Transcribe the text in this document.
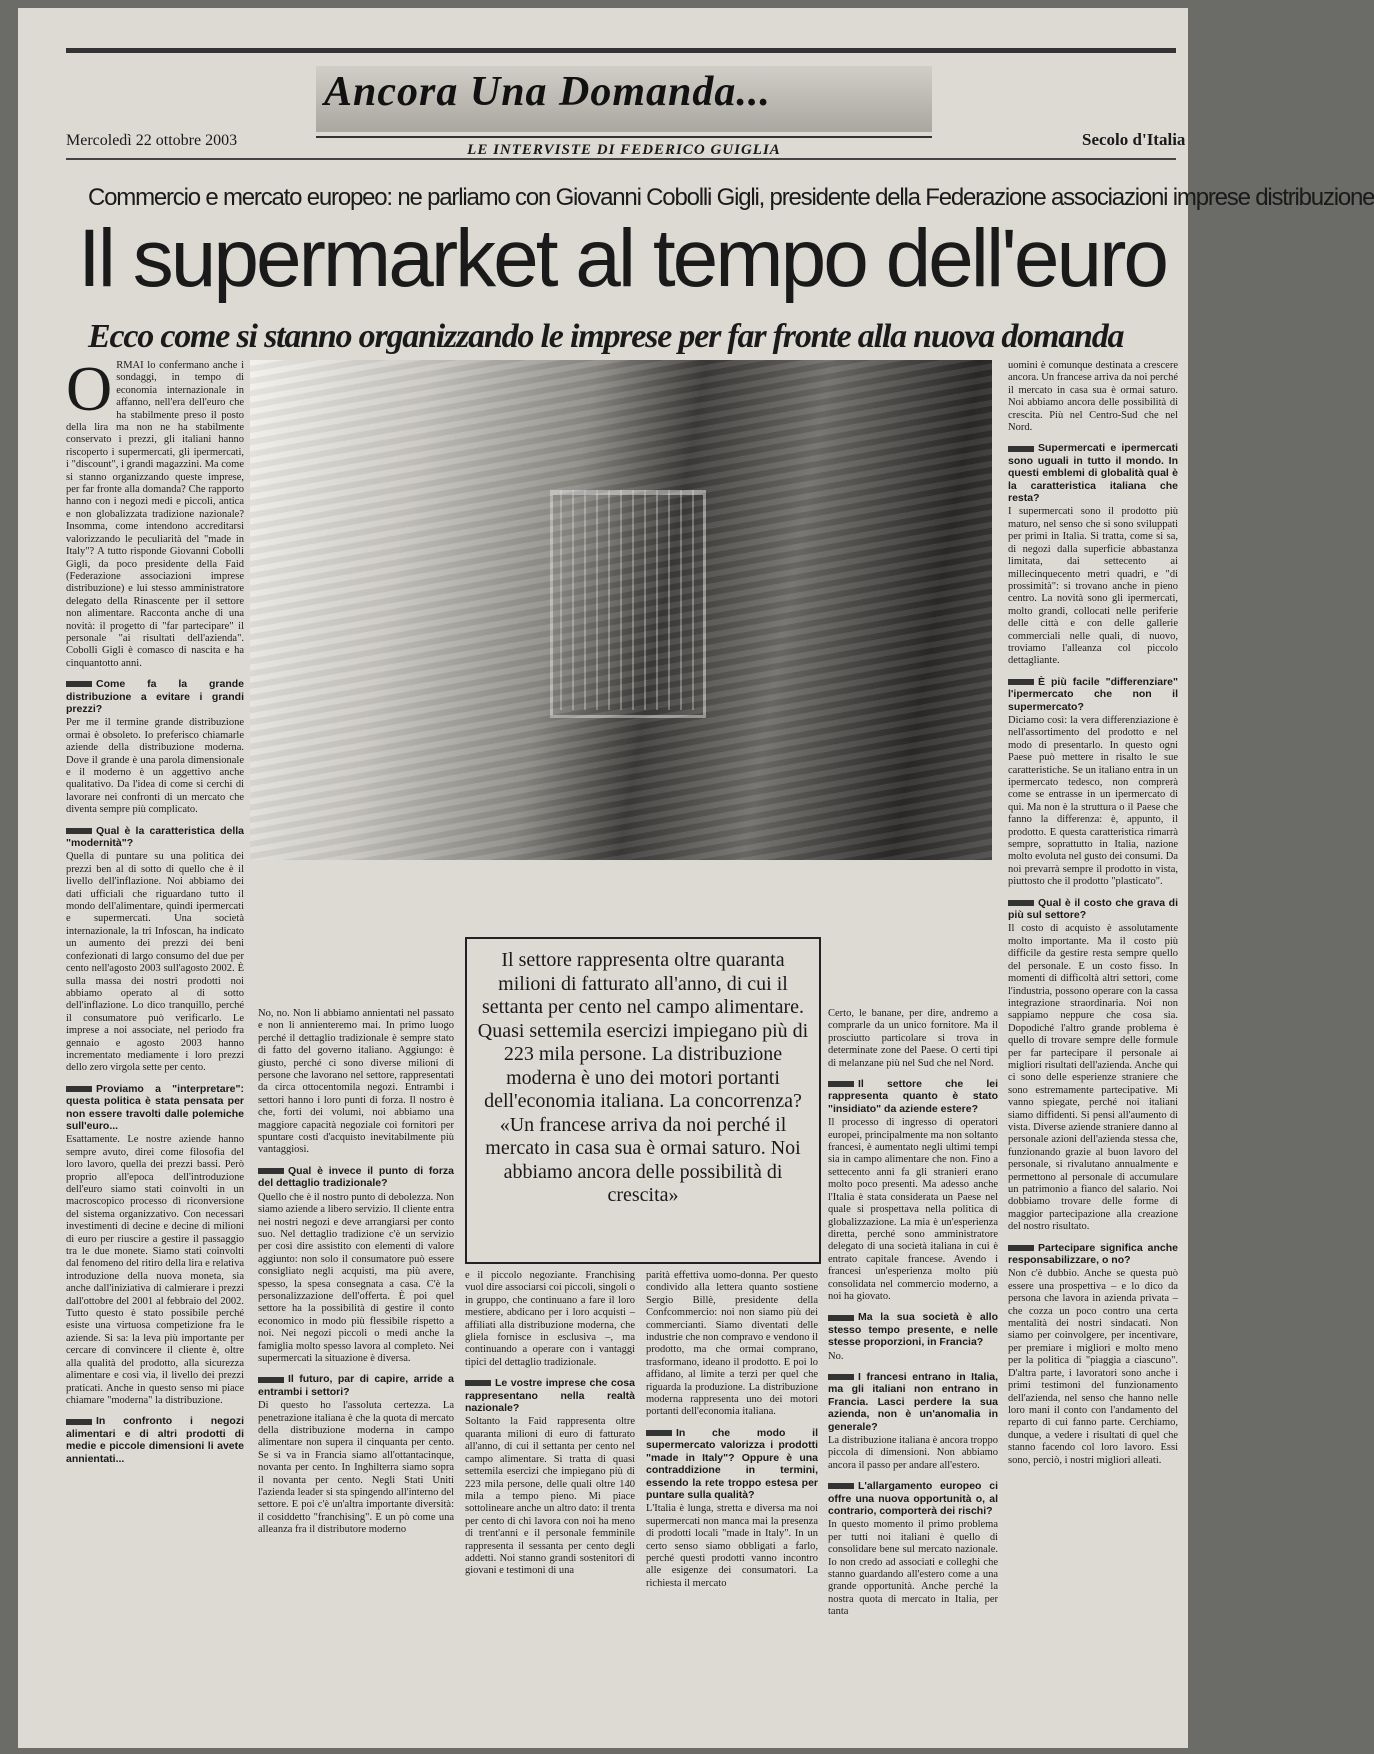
Ancora Una Domanda...
LE INTERVISTE DI FEDERICO GUIGLIA
Mercoledì 22 ottobre 2003	Secolo d'Italia
Commercio e mercato europeo: ne parliamo con Giovanni Cobolli Gigli, presidente della Federazione associazioni imprese distribuzione
Il supermarket al tempo dell'euro
Ecco come si stanno organizzando le imprese per far fronte alla nuova domanda

ORMAI lo confermano anche i sondaggi, in tempo di economia internazionale in affanno, nell'era dell'euro che ha stabilmente preso il posto della lira ma non ne ha stabilmente conservato i prezzi, gli italiani hanno riscoperto i supermercati, gli ipermercati, i "discount", i grandi magazzini. Ma come si stanno organizzando queste imprese, per far fronte alla domanda? Che rapporto hanno con i negozi medi e piccoli, antica e non globalizzata tradizione nazionale? Insomma, come intendono accreditarsi valorizzando le peculiarità del "made in Italy"? A tutto risponde Giovanni Cobolli Gigli, da poco presidente della Faid (Federazione associazioni imprese distribuzione) e lui stesso amministratore delegato della Rinascente per il settore non alimentare. Racconta anche di una novità: il progetto di "far partecipare" il personale "ai risultati dell'azienda". Cobolli Gigli è comasco di nascita e ha cinquantotto anni.

Come fa la grande distribuzione a evitare i grandi prezzi?

Per me il termine grande distribuzione ormai è obsoleto. Io preferisco chiamarle aziende della distribuzione moderna. Dove il grande è una parola dimensionale e il moderno è un aggettivo anche qualitativo. Da l'idea di come si cerchi di lavorare nei confronti di un mercato che diventa sempre più complicato.

Qual è la caratteristica della "modernità"?

Quella di puntare su una politica dei prezzi ben al di sotto di quello che è il livello dell'inflazione. Noi abbiamo dei dati ufficiali che riguardano tutto il mondo dell'alimentare, quindi ipermercati e supermercati. Una società internazionale, la tri Infoscan, ha indicato un aumento dei prezzi dei beni confezionati di largo consumo del due per cento nell'agosto 2003 sull'agosto 2002. È sulla massa dei nostri prodotti noi abbiamo operato al di sotto dell'inflazione. Lo dico tranquillo, perché il consumatore può verificarlo. Le imprese a noi associate, nel periodo fra gennaio e agosto 2003 hanno incrementato mediamente i loro prezzi dello zero virgola sette per cento.

Proviamo a "interpretare": questa politica è stata pensata per non essere travolti dalle polemiche sull'euro...

Esattamente. Le nostre aziende hanno sempre avuto, direi come filosofia del loro lavoro, quella dei prezzi bassi. Però proprio all'epoca dell'introduzione dell'euro siamo stati coinvolti in un macroscopico processo di riconversione del sistema organizzativo. Con necessari investimenti di decine e decine di milioni di euro per riuscire a gestire il passaggio tra le due monete. Siamo stati coinvolti dal fenomeno del ritiro della lira e relativa introduzione della nuova moneta, sia anche dall'iniziativa di calmierare i prezzi dall'ottobre del 2001 al febbraio del 2002. Tutto questo è stato possibile perché esiste una virtuosa competizione fra le aziende. Si sa: la leva più importante per cercare di convincere il cliente è, oltre alla qualità del prodotto, alla sicurezza alimentare e così via, il livello dei prezzi praticati. Anche in questo senso mi piace chiamare "moderna" la distribuzione.

In confronto i negozi alimentari e di altri prodotti di medie e piccole dimensioni li avete annientati...

No, no. Non li abbiamo annientati nel passato e non li annienteremo mai. In primo luogo perché il dettaglio tradizionale è sempre stato di fatto del governo italiano. Aggiungo: è giusto, perché ci sono diverse milioni di persone che lavorano nel settore, rappresentati da circa ottocentomila negozi. Entrambi i settori hanno i loro punti di forza. Il nostro è che, forti dei volumi, noi abbiamo una maggiore capacità negoziale coi fornitori per spuntare costi d'acquisto inevitabilmente più vantaggiosi.

Qual è invece il punto di forza del dettaglio tradizionale?

Quello che è il nostro punto di debolezza. Non siamo aziende a libero servizio. Il cliente entra nei nostri negozi e deve arrangiarsi per conto suo. Nel dettaglio tradizione c'è un servizio per così dire assistito con elementi di valore aggiunto: non solo il consumatore può essere consigliato negli acquisti, ma più avere, spesso, la spesa consegnata a casa. C'è la personalizzazione dell'offerta. È poi quel settore ha la possibilità di gestire il conto economico in modo più flessibile rispetto a noi. Nei negozi piccoli o medi anche la famiglia molto spesso lavora al completo. Nei supermercati la situazione è diversa.

Il futuro, par di capire, arride a entrambi i settori?

Di questo ho l'assoluta certezza. La penetrazione italiana è che la quota di mercato della distribuzione moderna in campo alimentare non supera il cinquanta per cento. Se si va in Francia siamo all'ottantacinque, novanta per cento. In Inghilterra siamo sopra il novanta per cento. Negli Stati Uniti l'azienda leader si sta spingendo all'interno del settore. E poi c'è un'altra importante diversità: il cosiddetto "franchising". E un pò come una alleanza fra il distributore moderno

e il piccolo negoziante. Franchising vuol dire associarsi coi piccoli, singoli o in gruppo, che continuano a fare il loro mestiere, abdicano per i loro acquisti – affiliati alla distribuzione moderna, che gliela fornisce in esclusiva –, ma continuando a operare con i vantaggi tipici del dettaglio tradizionale.

Le vostre imprese che cosa rappresentano nella realtà nazionale?

Soltanto la Faid rappresenta oltre quaranta milioni di euro di fatturato all'anno, di cui il settanta per cento nel campo alimentare. Si tratta di quasi settemila esercizi che impiegano più di 223 mila persone, delle quali oltre 140 mila a tempo pieno. Mi piace sottolineare anche un altro dato: il trenta per cento di chi lavora con noi ha meno di trent'anni e il personale femminile rappresenta il sessanta per cento degli addetti. Noi stanno grandi sostenitori di giovani e testimoni di una

parità effettiva uomo-donna. Per questo condivido alla lettera quanto sostiene Sergio Billè, presidente della Confcommercio: noi non siamo più dei commercianti. Siamo diventati delle industrie che non compravo e vendono il prodotto, ma che ormai comprano, trasformano, ideano il prodotto. E poi lo affidano, al limite a terzi per quel che riguarda la produzione. La distribuzione moderna rappresenta uno dei motori portanti dell'economia italiana.

In che modo il supermercato valorizza i prodotti "made in Italy"? Oppure è una contraddizione in termini, essendo la rete troppo estesa per puntare sulla qualità?

L'Italia è lunga, stretta e diversa ma noi supermercati non manca mai la presenza di prodotti locali "made in Italy". In un certo senso siamo obbligati a farlo, perché questi prodotti vanno incontro alle esigenze dei consumatori. La richiesta il mercato

Certo, le banane, per dire, andremo a comprarle da un unico fornitore. Ma il prosciutto particolare si trova in determinate zone del Paese. O certi tipi di melanzane più nel Sud che nel Nord.

Il settore che lei rappresenta quanto è stato "insidiato" da aziende estere?

Il processo di ingresso di operatori europei, principalmente ma non soltanto francesi, è aumentato negli ultimi tempi sia in campo alimentare che non. Fino a settecento anni fa gli stranieri erano molto poco presenti. Ma adesso anche l'Italia è stata considerata un Paese nel quale si prospettava nella politica di globalizzazione. La mia è un'esperienza diretta, perché sono amministratore delegato di una società italiana in cui è entrato capitale francese. Avendo i francesi un'esperienza molto più consolidata nel commercio moderno, a noi ha giovato.

Ma la sua società è allo stesso tempo presente, e nelle stesse proporzioni, in Francia?

No.

I francesi entrano in Italia, ma gli italiani non entrano in Francia. Lasci perdere la sua azienda, non è un'anomalia in generale?

La distribuzione italiana è ancora troppo piccola di dimensioni. Non abbiamo ancora il passo per andare all'estero.

L'allargamento europeo ci offre una nuova opportunità o, al contrario, comporterà dei rischi?

In questo momento il primo problema per tutti noi italiani è quello di consolidare bene sul mercato nazionale. Io non credo ad associati e colleghi che stanno guardando all'estero come a una grande opportunità. Anche perché la nostra quota di mercato in Italia, per tanta

uomini è comunque destinata a crescere ancora. Un francese arriva da noi perché il mercato in casa sua è ormai saturo. Noi abbiamo ancora delle possibilità di crescita. Più nel Centro-Sud che nel Nord.

Supermercati e ipermercati sono uguali in tutto il mondo. In questi emblemi di globalità qual è la caratteristica italiana che resta?

I supermercati sono il prodotto più maturo, nel senso che si sono sviluppati per primi in Italia. Si tratta, come si sa, di negozi dalla superficie abbastanza limitata, dai settecento ai millecinquecento metri quadri, e "di prossimità": si trovano anche in pieno centro. La novità sono gli ipermercati, molto grandi, collocati nelle periferie delle città e con delle gallerie commerciali nelle quali, di nuovo, troviamo l'alleanza col piccolo dettagliante.

È più facile "differenziare" l'ipermercato che non il supermercato?

Diciamo così: la vera differenziazione è nell'assortimento del prodotto e nel modo di presentarlo. In questo ogni Paese può mettere in risalto le sue caratteristiche. Se un italiano entra in un ipermercato tedesco, non comprerà come se entrasse in un ipermercato di qui. Ma non è la struttura o il Paese che fanno la differenza: è, appunto, il prodotto. E questa caratteristica rimarrà sempre, soprattutto in Italia, nazione molto evoluta nel gusto dei consumi. Da noi prevarrà sempre il prodotto in vista, piuttosto che il prodotto "plasticato".

Qual è il costo che grava di più sul settore?

Il costo di acquisto è assolutamente molto importante. Ma il costo più difficile da gestire resta sempre quello del personale. E un costo fisso. In momenti di difficoltà altri settori, come l'industria, possono operare con la cassa integrazione straordinaria. Noi non sappiamo neppure che cosa sia. Dopodiché l'altro grande problema è quello di trovare sempre delle formule per far partecipare il personale ai migliori risultati dell'azienda. Anche qui ci sono delle esperienze straniere che sono estremamente partecipative. Mi vanno spiegate, perché noi italiani siamo diffidenti. Si pensi all'aumento di vista. Diverse aziende straniere danno al personale azioni dell'azienda stessa che, funzionando grazie al buon lavoro del personale, si rivalutano annualmente e permettono al personale di accumulare un patrimonio a fianco del salario. Noi dobbiamo trovare delle forme di maggior partecipazione alla creazione del nostro risultato.

Partecipare significa anche responsabilizzare, o no?

Non c'è dubbio. Anche se questa può essere una prospettiva – e lo dico da persona che lavora in azienda privata – che cozza un poco contro una certa mentalità dei nostri sindacati. Non siamo per coinvolgere, per incentivare, per premiare i migliori e molto meno per la politica di "piaggia a ciascuno". D'altra parte, i lavoratori sono anche i primi testimoni del funzionamento dell'azienda, nel senso che hanno nelle loro mani il conto con l'andamento del reparto di cui fanno parte. Cerchiamo, dunque, a vedere i risultati di quel che stanno facendo col loro lavoro. Essi sono, perciò, i nostri migliori alleati.

Il settore rappresenta oltre quaranta milioni di fatturato all'anno, di cui il settanta per cento nel campo alimentare. Quasi settemila esercizi impiegano più di 223 mila persone. La distribuzione moderna è uno dei motori portanti dell'economia italiana. La concorrenza? «Un francese arriva da noi perché il mercato in casa sua è ormai saturo. Noi abbiamo ancora delle possibilità di crescita»
